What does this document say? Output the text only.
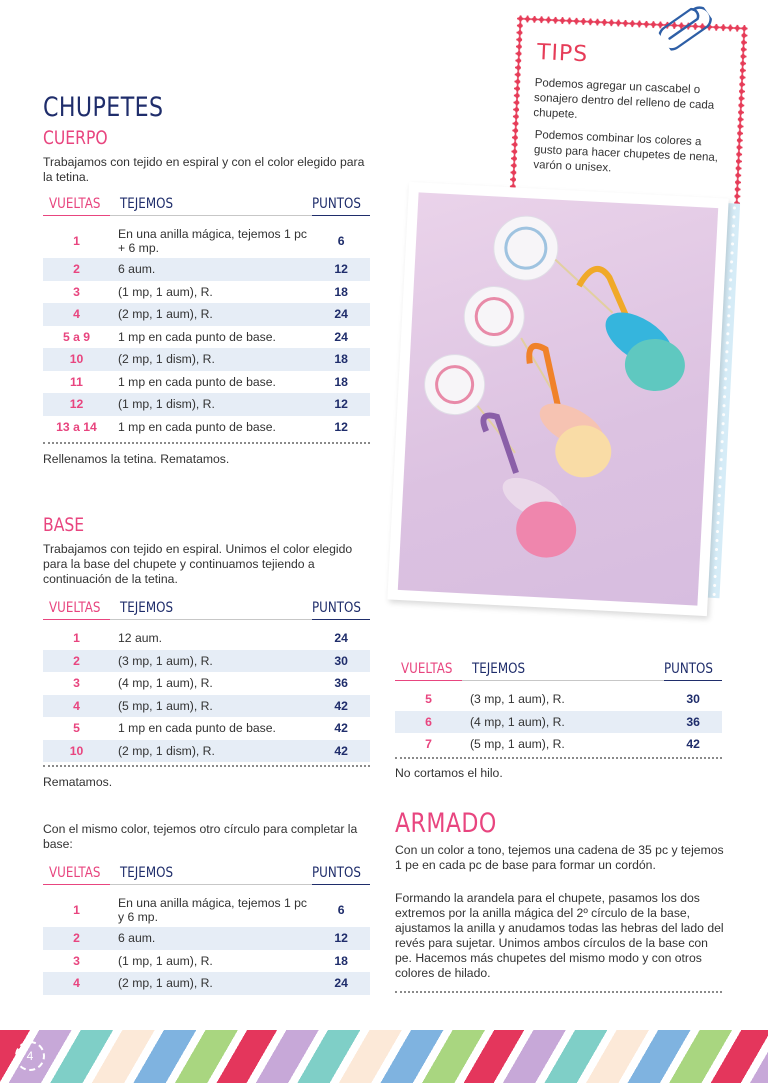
CHUPETES
CUERPO
Trabajamos con tejido en espiral y con el color elegido para la tetina.
VUELTAS	TEJEMOS	PUNTOS

1	En una anilla mágica, tejemos 1 pc + 6 mp.	6
2	6 aum.	12
3	(1 mp, 1 aum), R.	18
4	(2 mp, 1 aum), R.	24
5 a 9	1 mp en cada punto de base.	24
10	(2 mp, 1 dism), R.	18
11	1 mp en cada punto de base.	18
12	(1 mp, 1 dism), R.	12
13 a 14	1 mp en cada punto de base.	12
Rellenamos la tetina. Rematamos.
BASE
Trabajamos con tejido en espiral. Unimos el color elegido para la base del chupete y continuamos tejiendo a continuación de la tetina.
VUELTAS	TEJEMOS	PUNTOS

1	12 aum.	24
2	(3 mp, 1 aum), R.	30
3	(4 mp, 1 aum), R.	36
4	(5 mp, 1 aum), R.	42
5	1 mp en cada punto de base.	42
10	(2 mp, 1 dism), R.	42
Rematamos.
Con el mismo color, tejemos otro círculo para completar la base:
VUELTAS	TEJEMOS	PUNTOS

1	En una anilla mágica, tejemos 1 pc y 6 mp.	6
2	6 aum.	12
3	(1 mp, 1 aum), R.	18
4	(2 mp, 1 aum), R.	24
TIPS
Podemos agregar un cascabel o sonajero dentro del relleno de cada chupete.
Podemos combinar los colores a gusto para hacer chupetes de nena, varón o unisex.
VUELTAS	TEJEMOS	PUNTOS

5	(3 mp, 1 aum), R.	30
6	(4 mp, 1 aum), R.	36
7	(5 mp, 1 aum), R.	42
No cortamos el hilo.
ARMADO
Con un color a tono, tejemos una cadena de 35 pc y tejemos 1 pe en cada pc de base para formar un cordón.
Formando la arandela para el chupete, pasamos los dos extremos por la anilla mágica del 2º círculo de la base, ajustamos la anilla y anudamos todas las hebras del lado del revés para sujetar. Unimos ambos círculos de la base con pe. Hacemos más chupetes del mismo modo y con otros colores de hilado.
4
